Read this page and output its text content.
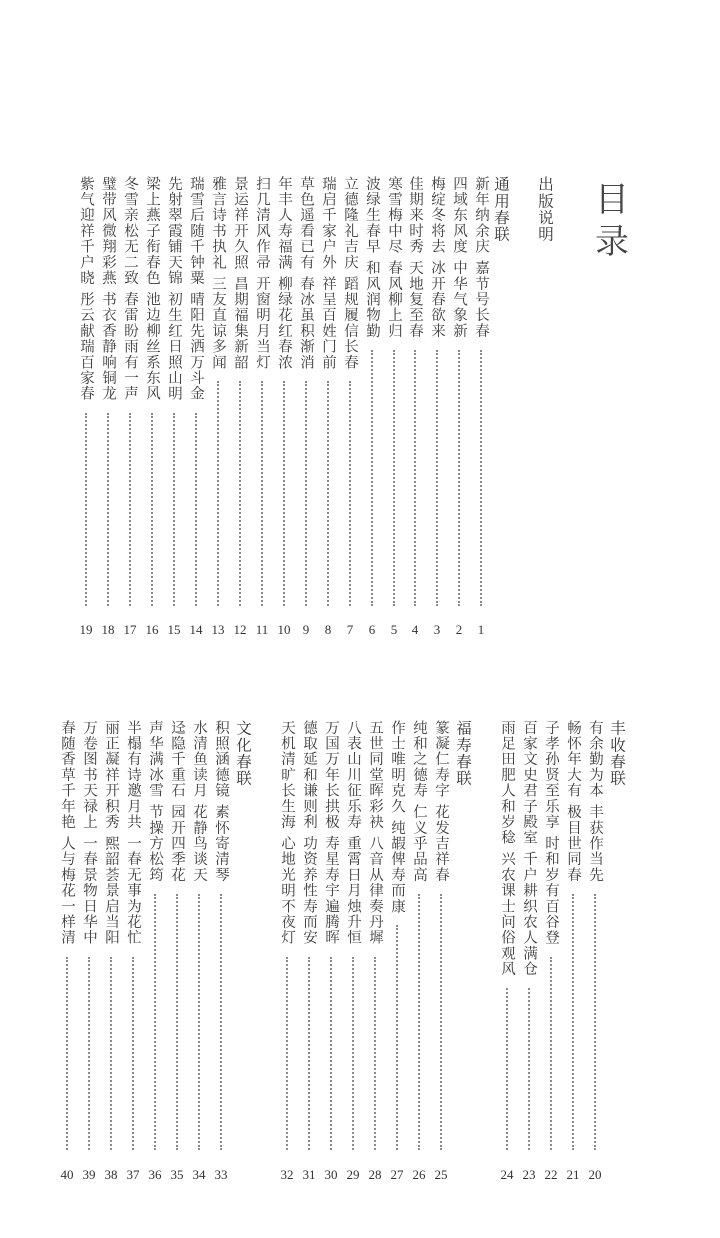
目
录
出版说明
通用春联
新年纳余庆 嘉节号长春
1
四域东风度 中华气象新
2
梅绽冬将去 冰开春欲来
3
佳期来时秀 天地复至春
4
寒雪梅中尽 春风柳上归
5
波绿生春早 和风润物勤
6
立德隆礼吉庆 蹈规履信长春
7
瑞启千家户外 祥呈百姓门前
8
草色遥看已有 春冰虽积渐消
9
年丰人寿福满 柳绿花红春浓
10
扫几清风作帚 开窗明月当灯
11
景运祥开久照 昌期福集新韶
12
雅言诗书执礼 三友直谅多闻
13
瑞雪后随千钟粟 晴阳先洒万斗金
14
先射翠霞铺天锦 初生红日照山明
15
梁上燕子衔春色 池边柳丝系东风
16
冬雪亲松无二致 春雷盼雨有一声
17
璧带风微翔彩燕 书衣香静响铜龙
18
紫气迎祥千户晓 彤云献瑞百家春
19
丰收春联
有余勤为本 丰获作当先
20
畅怀年大有 极目世同春
21
子孝孙贤至乐享 时和岁有百谷登
22
百家文史君子殿室 千户耕织农人满仓
23
雨足田肥人和岁稔 兴农课士问俗观风
24
福寿春联
篆凝仁寿字 花发吉祥春
25
纯和之德寿 仁义乎品高
26
作士唯明克久 纯嘏俾寿而康
27
五世同堂晖彩袂 八音从律奏丹墀
28
八表山川征乐寿 重霄日月烛升恒
29
万国万年长拱极 寿星寿宇遍腾晖
30
德取延和谦则利 功资养性寿而安
31
天机清旷长生海 心地光明不夜灯
32
文化春联
积照涵德镜 素怀寄清琴
33
水清鱼读月 花静鸟谈天
34
迳隐千重石 园开四季花
35
声华满冰雪 节操方松筠
36
半榻有诗邀月共 一春无事为花忙
37
丽正凝祥开积秀 熙韶荟景启当阳
38
万卷图书天禄上 一春景物日华中
39
春随香草千年艳 人与梅花一样清
40
